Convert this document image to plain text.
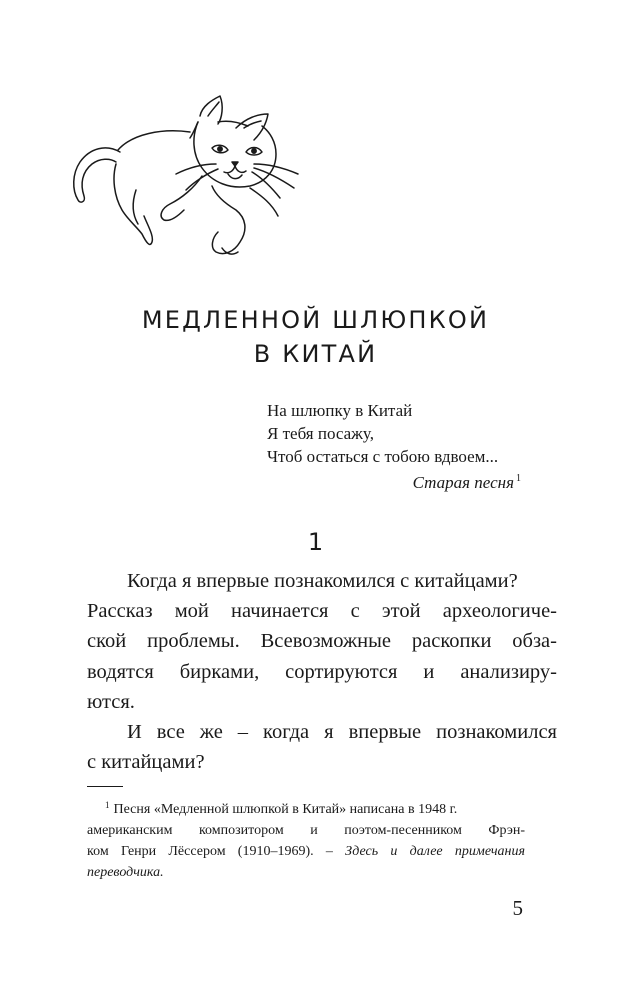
МЕДЛЕННОЙ ШЛЮПКОЙ
В КИТАЙ
На шлюпку в Китай
Я тебя посажу,
Чтоб остаться с тобою вдвоем...
Старая песня $^1$
1
Когда я впервые познакомился с китайцами?
Рассказ мой начинается с этой археологиче-
ской проблемы. Всевозможные раскопки обза-
водятся бирками, сортируются и анализиру-
ются.
И все же – когда я впервые познакомился
с китайцами?
$^1$ Песня «Медленной шлюпкой в Китай» написана в 1948 г.
американским композитором и поэтом-песенником Фрэн-
ком Генри Лёссером (1910–1969). – Здесь и далее примечания
переводчика.
5
